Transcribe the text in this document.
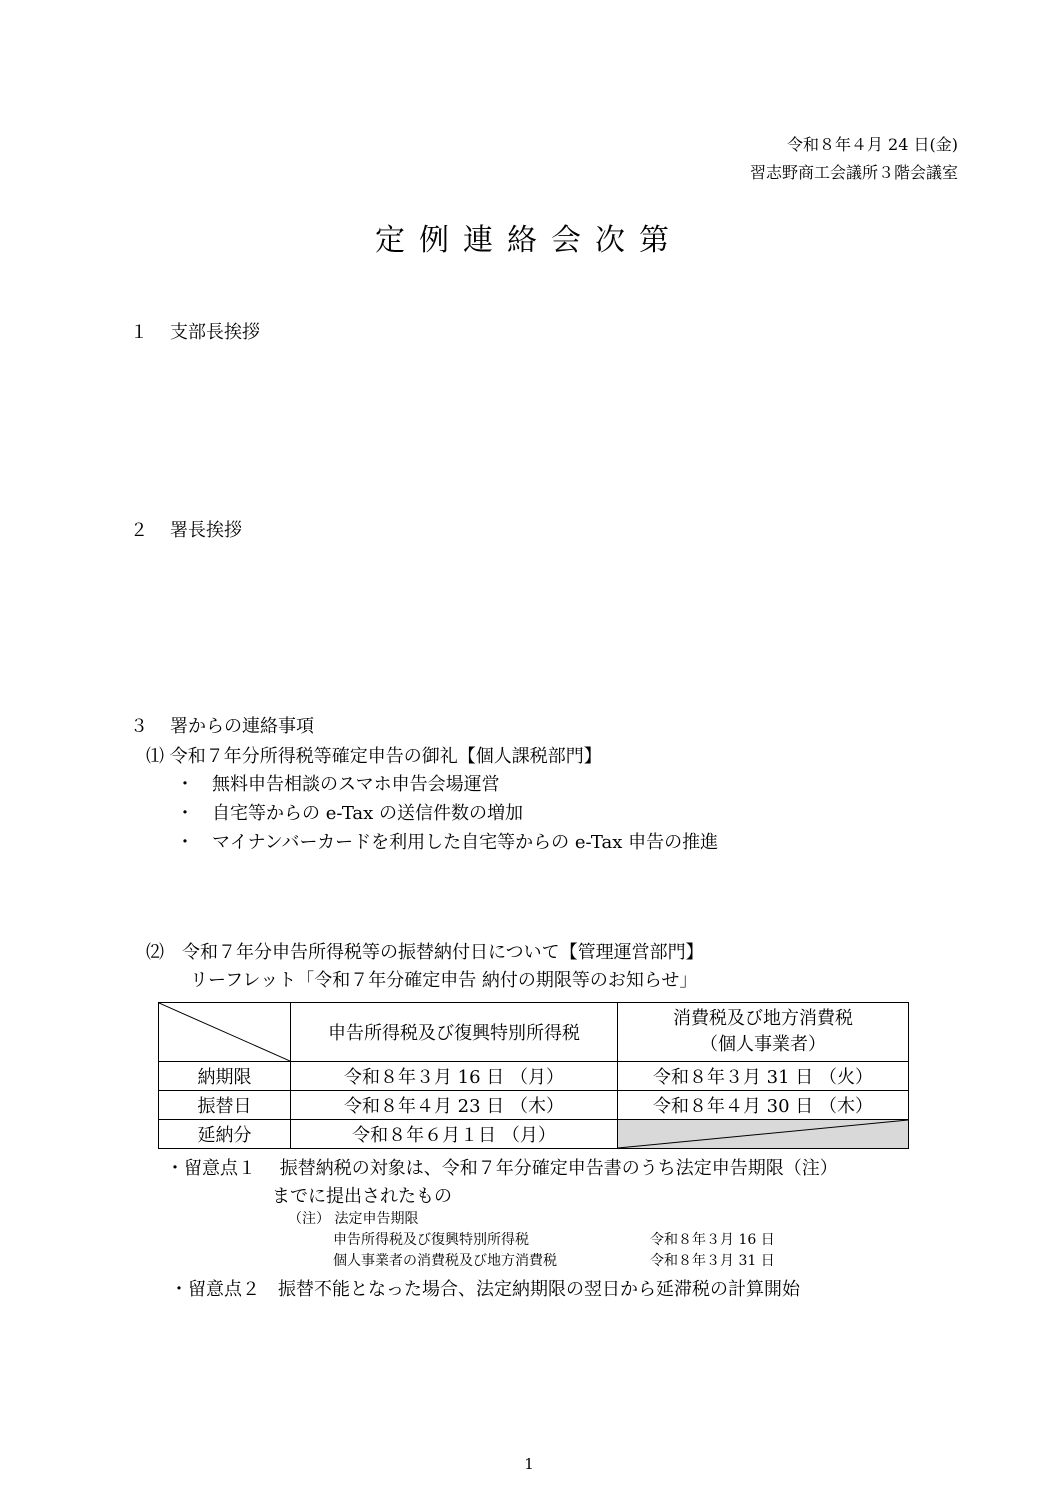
令和８年４月 24 日(金)
習志野商工会議所３階会議室
定例連絡会次第
１ 支部長挨拶
２ 署長挨拶
３ 署からの連絡事項
⑴ 令和７年分所得税等確定申告の御礼【個人課税部門】
・ 無料申告相談のスマホ申告会場運営
・ 自宅等からの e-Tax の送信件数の増加
・ マイナンバーカードを利用した自宅等からの e-Tax 申告の推進
⑵　令和７年分申告所得税等の振替納付日について【管理運営部門】
リーフレット「令和７年分確定申告 納付の期限等のお知らせ」
	申告所得税及び復興特別所得税	消費税及び地方消費税
（個人事業者）

納期限	令和８年３月 16 日 （月）	令和８年３月 31 日 （火）
振替日	令和８年４月 23 日 （木）	令和８年４月 30 日 （木）
延納分	令和８年６月１日 （月）	
・留意点１　 振替納税の対象は、令和７年分確定申告書のうち法定申告期限（注）
までに提出されたもの
（注） 法定申告期限
申告所得税及び復興特別所得税	令和８年３月 16 日
個人事業者の消費税及び地方消費税	令和８年３月 31 日
・留意点２　振替不能となった場合、法定納期限の翌日から延滞税の計算開始
1
